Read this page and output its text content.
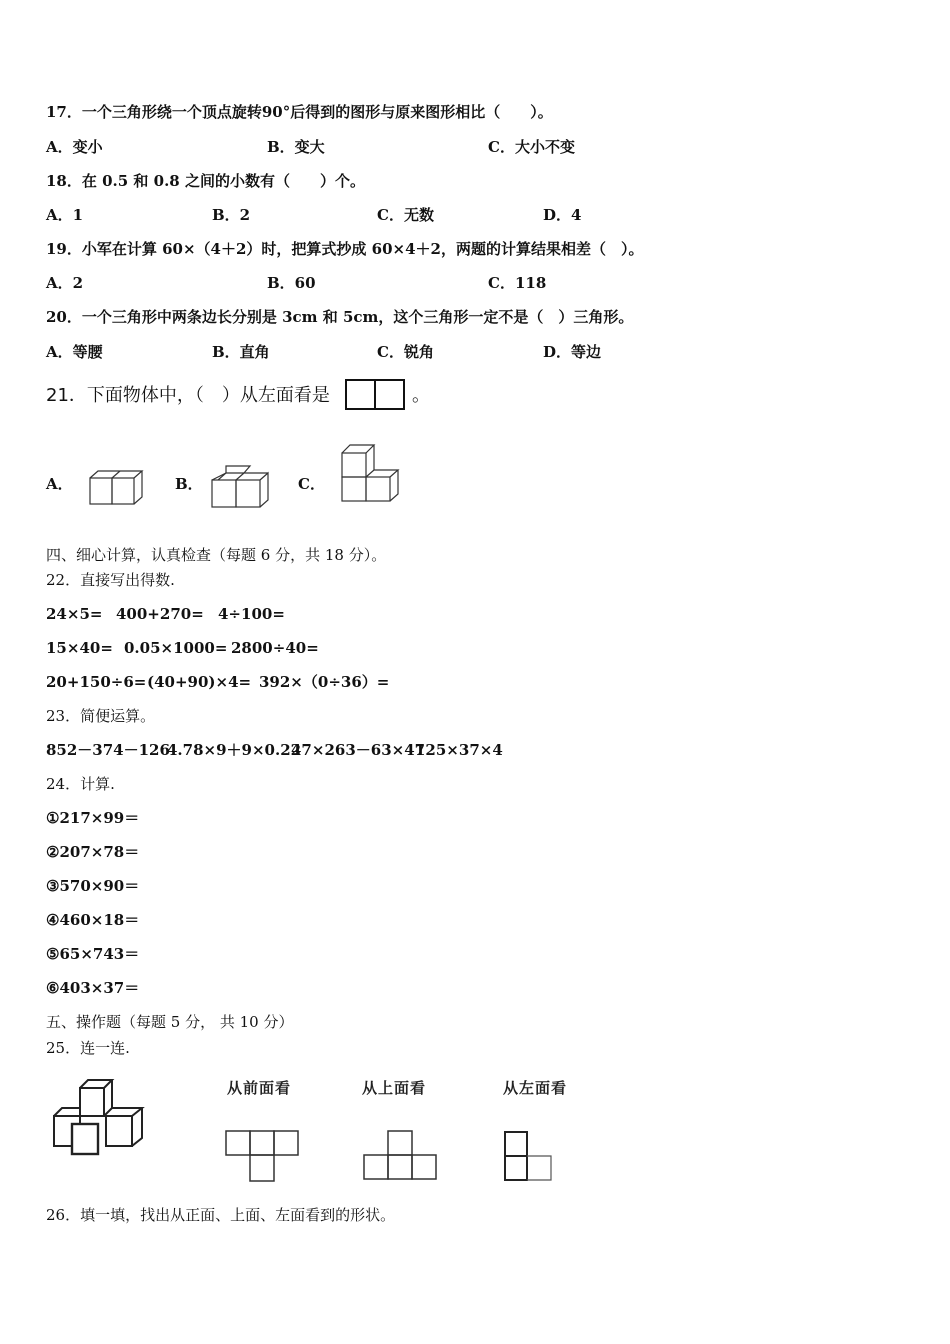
17．一个三角形绕一个顶点旋转90°后得到的图形与原来图形相比（　　）。
A．变小	B．变大	C．大小不变
18．在 0.5 和 0.8 之间的小数有（　　）个。
A．1	B．2	C．无数	D．4
19．小军在计算 60×（4＋2）时，把算式抄成 60×4＋2，两题的计算结果相差（　）。
A．2	B．60	C．118
20．一个三角形中两条边长分别是 3cm 和 5cm，这个三角形一定不是（　）三角形。
A．等腰	B．直角	C．锐角	D．等边
21．下面物体中，（　）从左面看是	。
A．	B．	C．
四、细心计算，认真检查（每题 6 分，共 18 分）。
22．直接写出得数.
24×5= 400+270= 4÷100=
15×40= 0.05×1000= 2800÷40=
20+150÷6= (40+90)×4= 392×（0÷36）=
23．简便运算。
852－374－126
4.78×9＋9×0.22
47×263－63×47
125×37×4
24．计算.
①217×99＝
②207×78＝
③570×90＝
④460×18＝
⑤65×743＝
⑥403×37＝
五、操作题（每题 5 分， 共 10 分）
25．连一连.
从前面看	从上面看	从左面看
26．填一填，找出从正面、上面、左面看到的形状。
